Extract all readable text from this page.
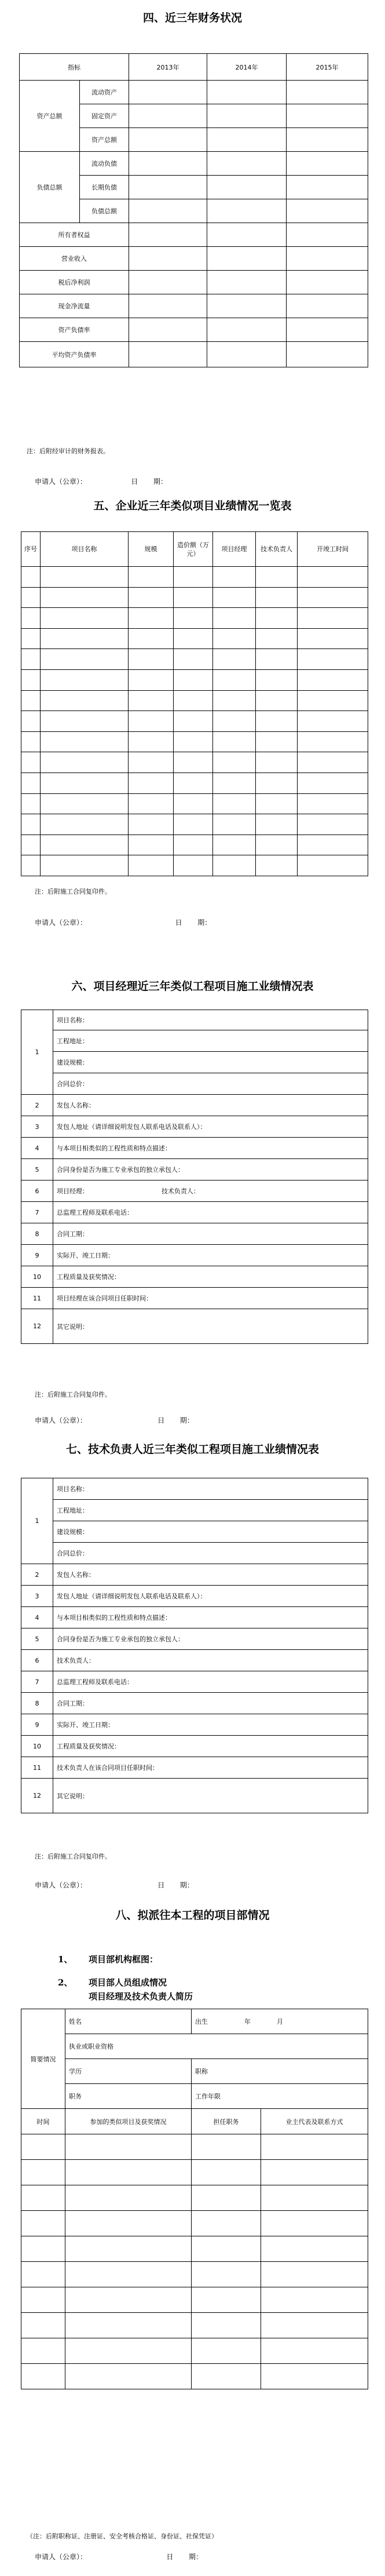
四、近三年财务状况
指标		2013年	2014年	2015年
资产总额	流动资产			
	固定资产			
	资产总额			
负债总额	流动负债			
	长期负债			
	负债总额			
所有者权益				
营业收入				
税后净利润				
现金净流量				
资产负债率				
平均资产负债率				
注：后附经审计的财务报表。
申请人（公章）：                    日       期：
五、企业近三年类似项目业绩情况一览表
序号	项目名称	规模	造价额（万元）	项目经理	技术负责人	开竣工时间

注：后附施工合同复印件。
申请人（公章）：                                        日       期：
六、项目经理近三年类似工程项目施工业绩情况表
1	项目名称：
	工程地址：
	建设规模：
	合同总价：
2	发包人名称：
3	发包人地址（请详细说明发包人联系电话及联系人）：
4	与本项目相类似的工程性质和特点描述：
5	合同身份是否为施工专业承包的独立承包人：
6	项目经理：                                    技术负责人：
7	总监理工程师及联系电话：
8	合同工期：
9	实际开、竣工日期：
10	工程质量及获奖情况：
11	项目经理在该合同项目任职时间：
12	其它说明：
注：后附施工合同复印件。
申请人（公章）：                                日       期：
七、技术负责人近三年类似工程项目施工业绩情况表
1	项目名称：
	工程地址：
	建设规模：
	合同总价：
2	发包人名称：
3	发包人地址（请详细说明发包人联系电话及联系人）：
4	与本项目相类似的工程性质和特点描述：
5	合同身份是否为施工专业承包的独立承包人：
6	技术负责人：
7	总监理工程师及联系电话：
8	合同工期：
9	实际开、竣工日期：
10	工程质量及获奖情况：
11	技术负责人在该合同项目任职时间：
12	其它说明：
注：后附施工合同复印件。
申请人（公章）：                                日       期：
八、拟派往本工程的项目部情况
1、 项目部机构框图：
2、 项目部人员组成情况
项目经理及技术负责人简历
简要情况	姓名	出生 年 月
	执业或职业资格	
	学历	职称
	职务	工作年限
时间	参加的类似项目及获奖情况	担任职务	业主代表及联系方式

（注：后附职称证、注册证、安全考核合格证、身份证、社保凭证）
申请人（公章）：                                    日       期：
